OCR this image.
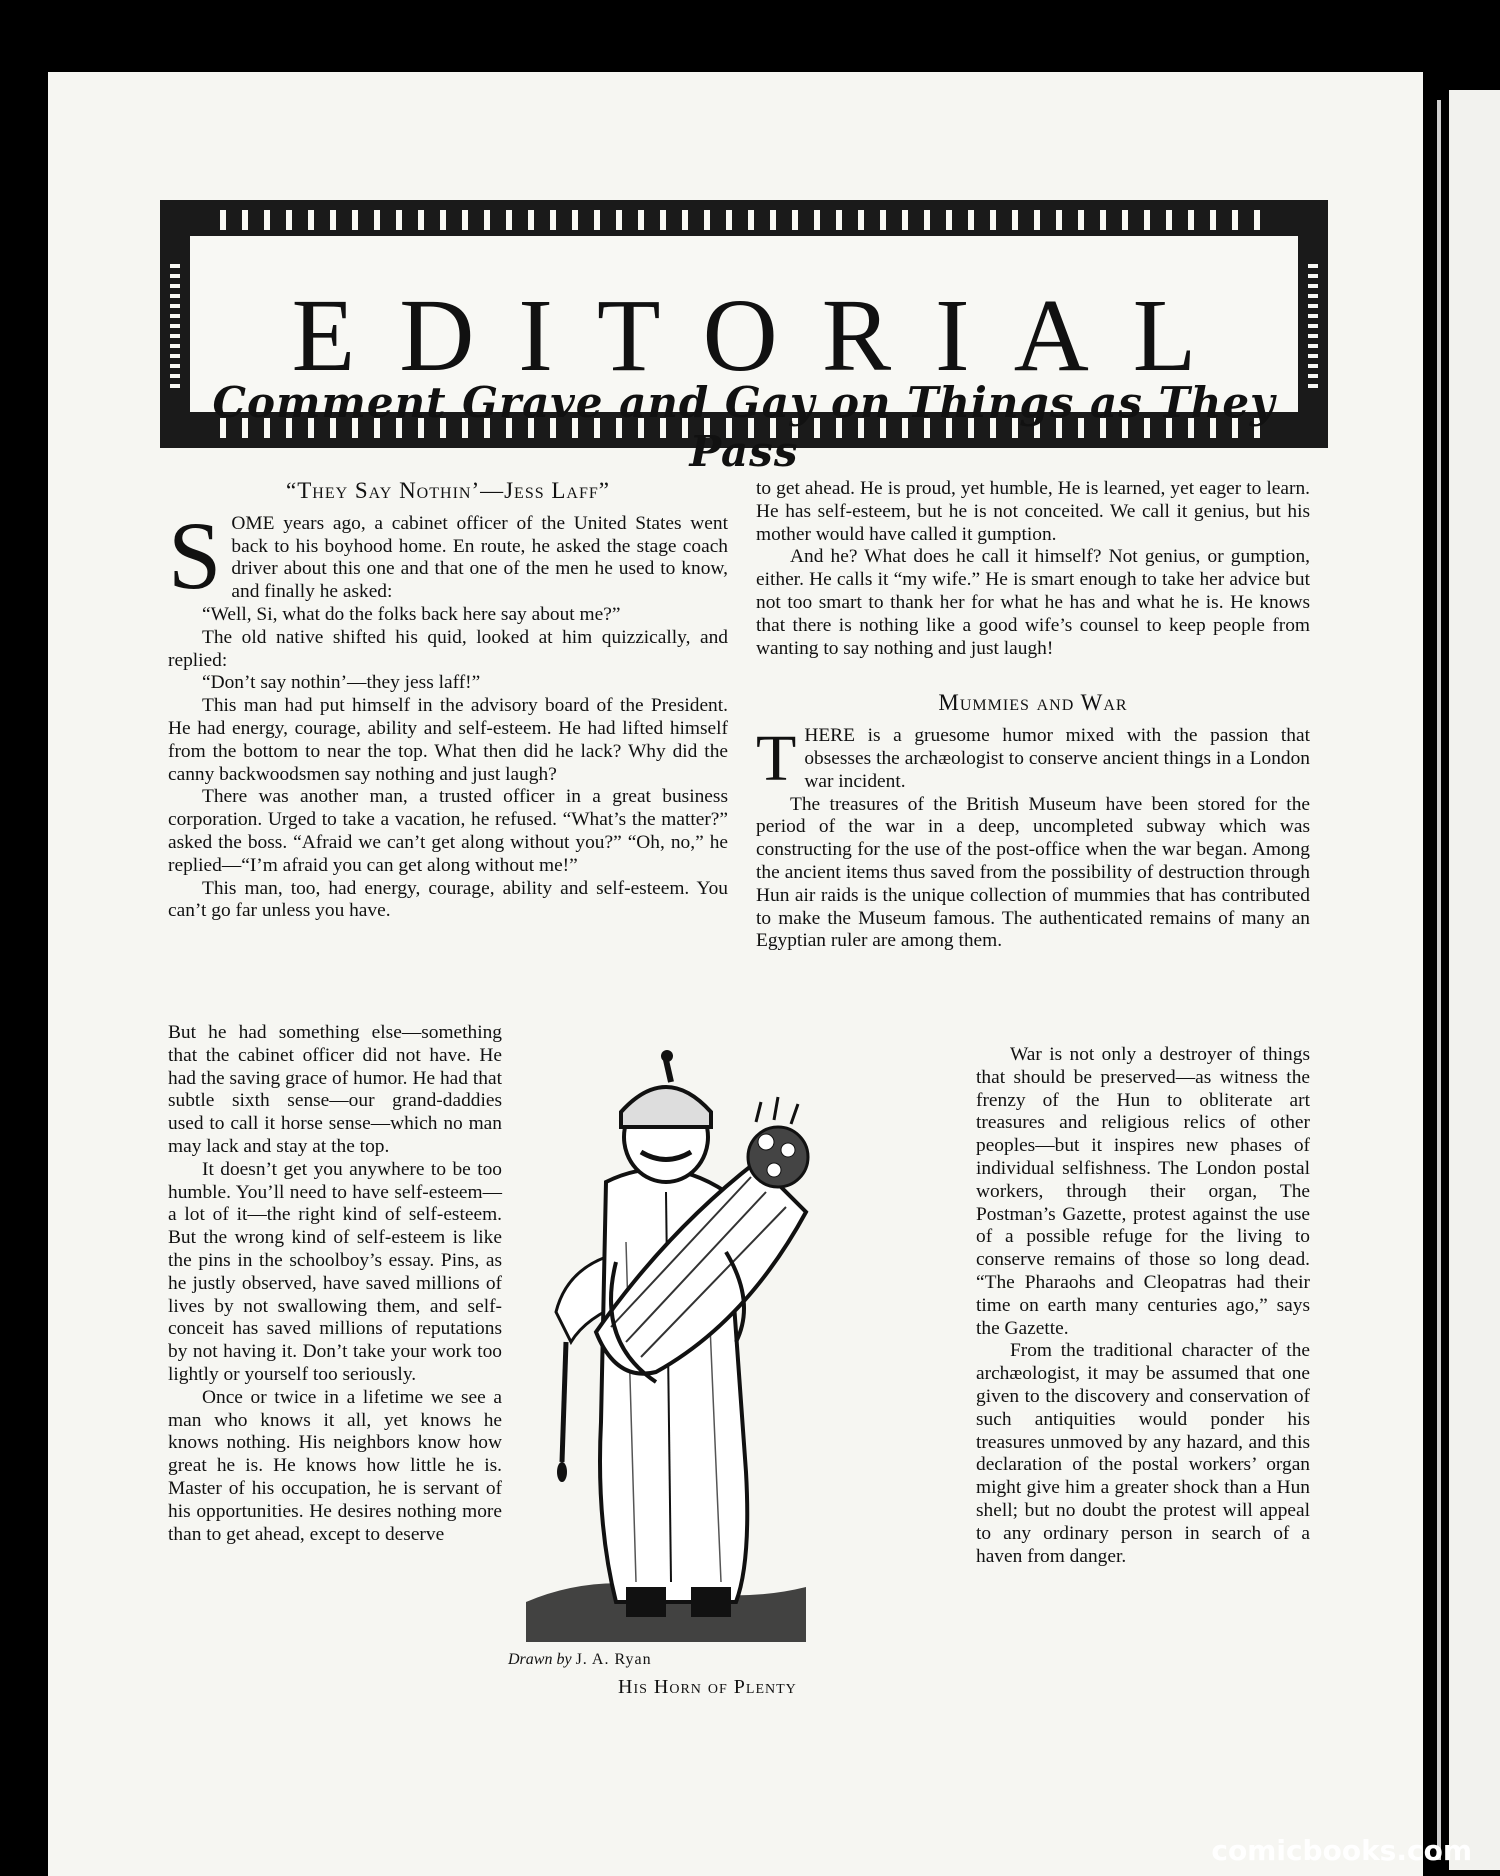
EDITORIAL
Comment Grave and Gay on Things as They Pass
“They Say Nothin’—Jess Laff”

SOME years ago, a cabinet officer of the United States went back to his boyhood home. En route, he asked the stage coach driver about this one and that one of the men he used to know, and finally he asked:

“Well, Si, what do the folks back here say about me?”

The old native shifted his quid, looked at him quizzically, and replied:

“Don’t say nothin’—they jess laff!”

This man had put himself in the advisory board of the President. He had energy, courage, ability and self-esteem. He had lifted himself from the bottom to near the top. What then did he lack? Why did the canny backwoodsmen say nothing and just laugh?

There was another man, a trusted officer in a great business corporation. Urged to take a vacation, he refused. “What’s the matter?” asked the boss. “Afraid we can’t get along without you?” “Oh, no,” he replied—“I’m afraid you can get along without me!”

This man, too, had energy, courage, ability and self-esteem. You can’t go far unless you have.

But he had something else—something that the cabinet officer did not have. He had the saving grace of humor. He had that subtle sixth sense—our grand-daddies used to call it horse sense—which no man may lack and stay at the top.

It doesn’t get you anywhere to be too humble. You’ll need to have self-esteem—a lot of it—the right kind of self-esteem. But the wrong kind of self-esteem is like the pins in the schoolboy’s essay. Pins, as he justly observed, have saved millions of lives by not swallowing them, and self-conceit has saved millions of reputations by not having it. Don’t take your work too lightly or yourself too seriously.

Once or twice in a lifetime we see a man who knows it all, yet knows he knows nothing. His neighbors know how great he is. He knows how little he is. Master of his occupation, he is servant of his opportunities. He desires nothing more than to get ahead, except to deserve

to get ahead. He is proud, yet humble, He is learned, yet eager to learn. He has self-esteem, but he is not conceited. We call it genius, but his mother would have called it gumption.

And he? What does he call it himself? Not genius, or gumption, either. He calls it “my wife.” He is smart enough to take her advice but not too smart to thank her for what he has and what he is. He knows that there is nothing like a good wife’s counsel to keep people from wanting to say nothing and just laugh!

Mummies and War

THERE is a gruesome humor mixed with the passion that obsesses the archæologist to conserve ancient things in a London war incident.

The treasures of the British Museum have been stored for the period of the war in a deep, uncompleted subway which was constructing for the use of the post-office when the war began. Among the ancient items thus saved from the possibility of destruction through Hun air raids is the unique collection of mummies that has contributed to make the Museum famous. The authenticated remains of many an Egyptian ruler are among them.

War is not only a destroyer of things that should be preserved—as witness the frenzy of the Hun to obliterate art treasures and religious relics of other peoples—but it inspires new phases of individual selfishness. The London postal workers, through their organ, The Postman’s Gazette, protest against the use of a possible refuge for the living to conserve remains of those so long dead. “The Pharaohs and Cleopatras had their time on earth many centuries ago,” says the Gazette.

From the traditional character of the archæologist, it may be assumed that one given to the discovery and conservation of such antiquities would ponder his treasures unmoved by any hazard, and this declaration of the postal workers’ organ might give him a greater shock than a Hun shell; but no doubt the protest will appeal to any ordinary person in search of a haven from danger.

Drawn by J. A. Ryan
His Horn of Plenty
comicbooks.com
